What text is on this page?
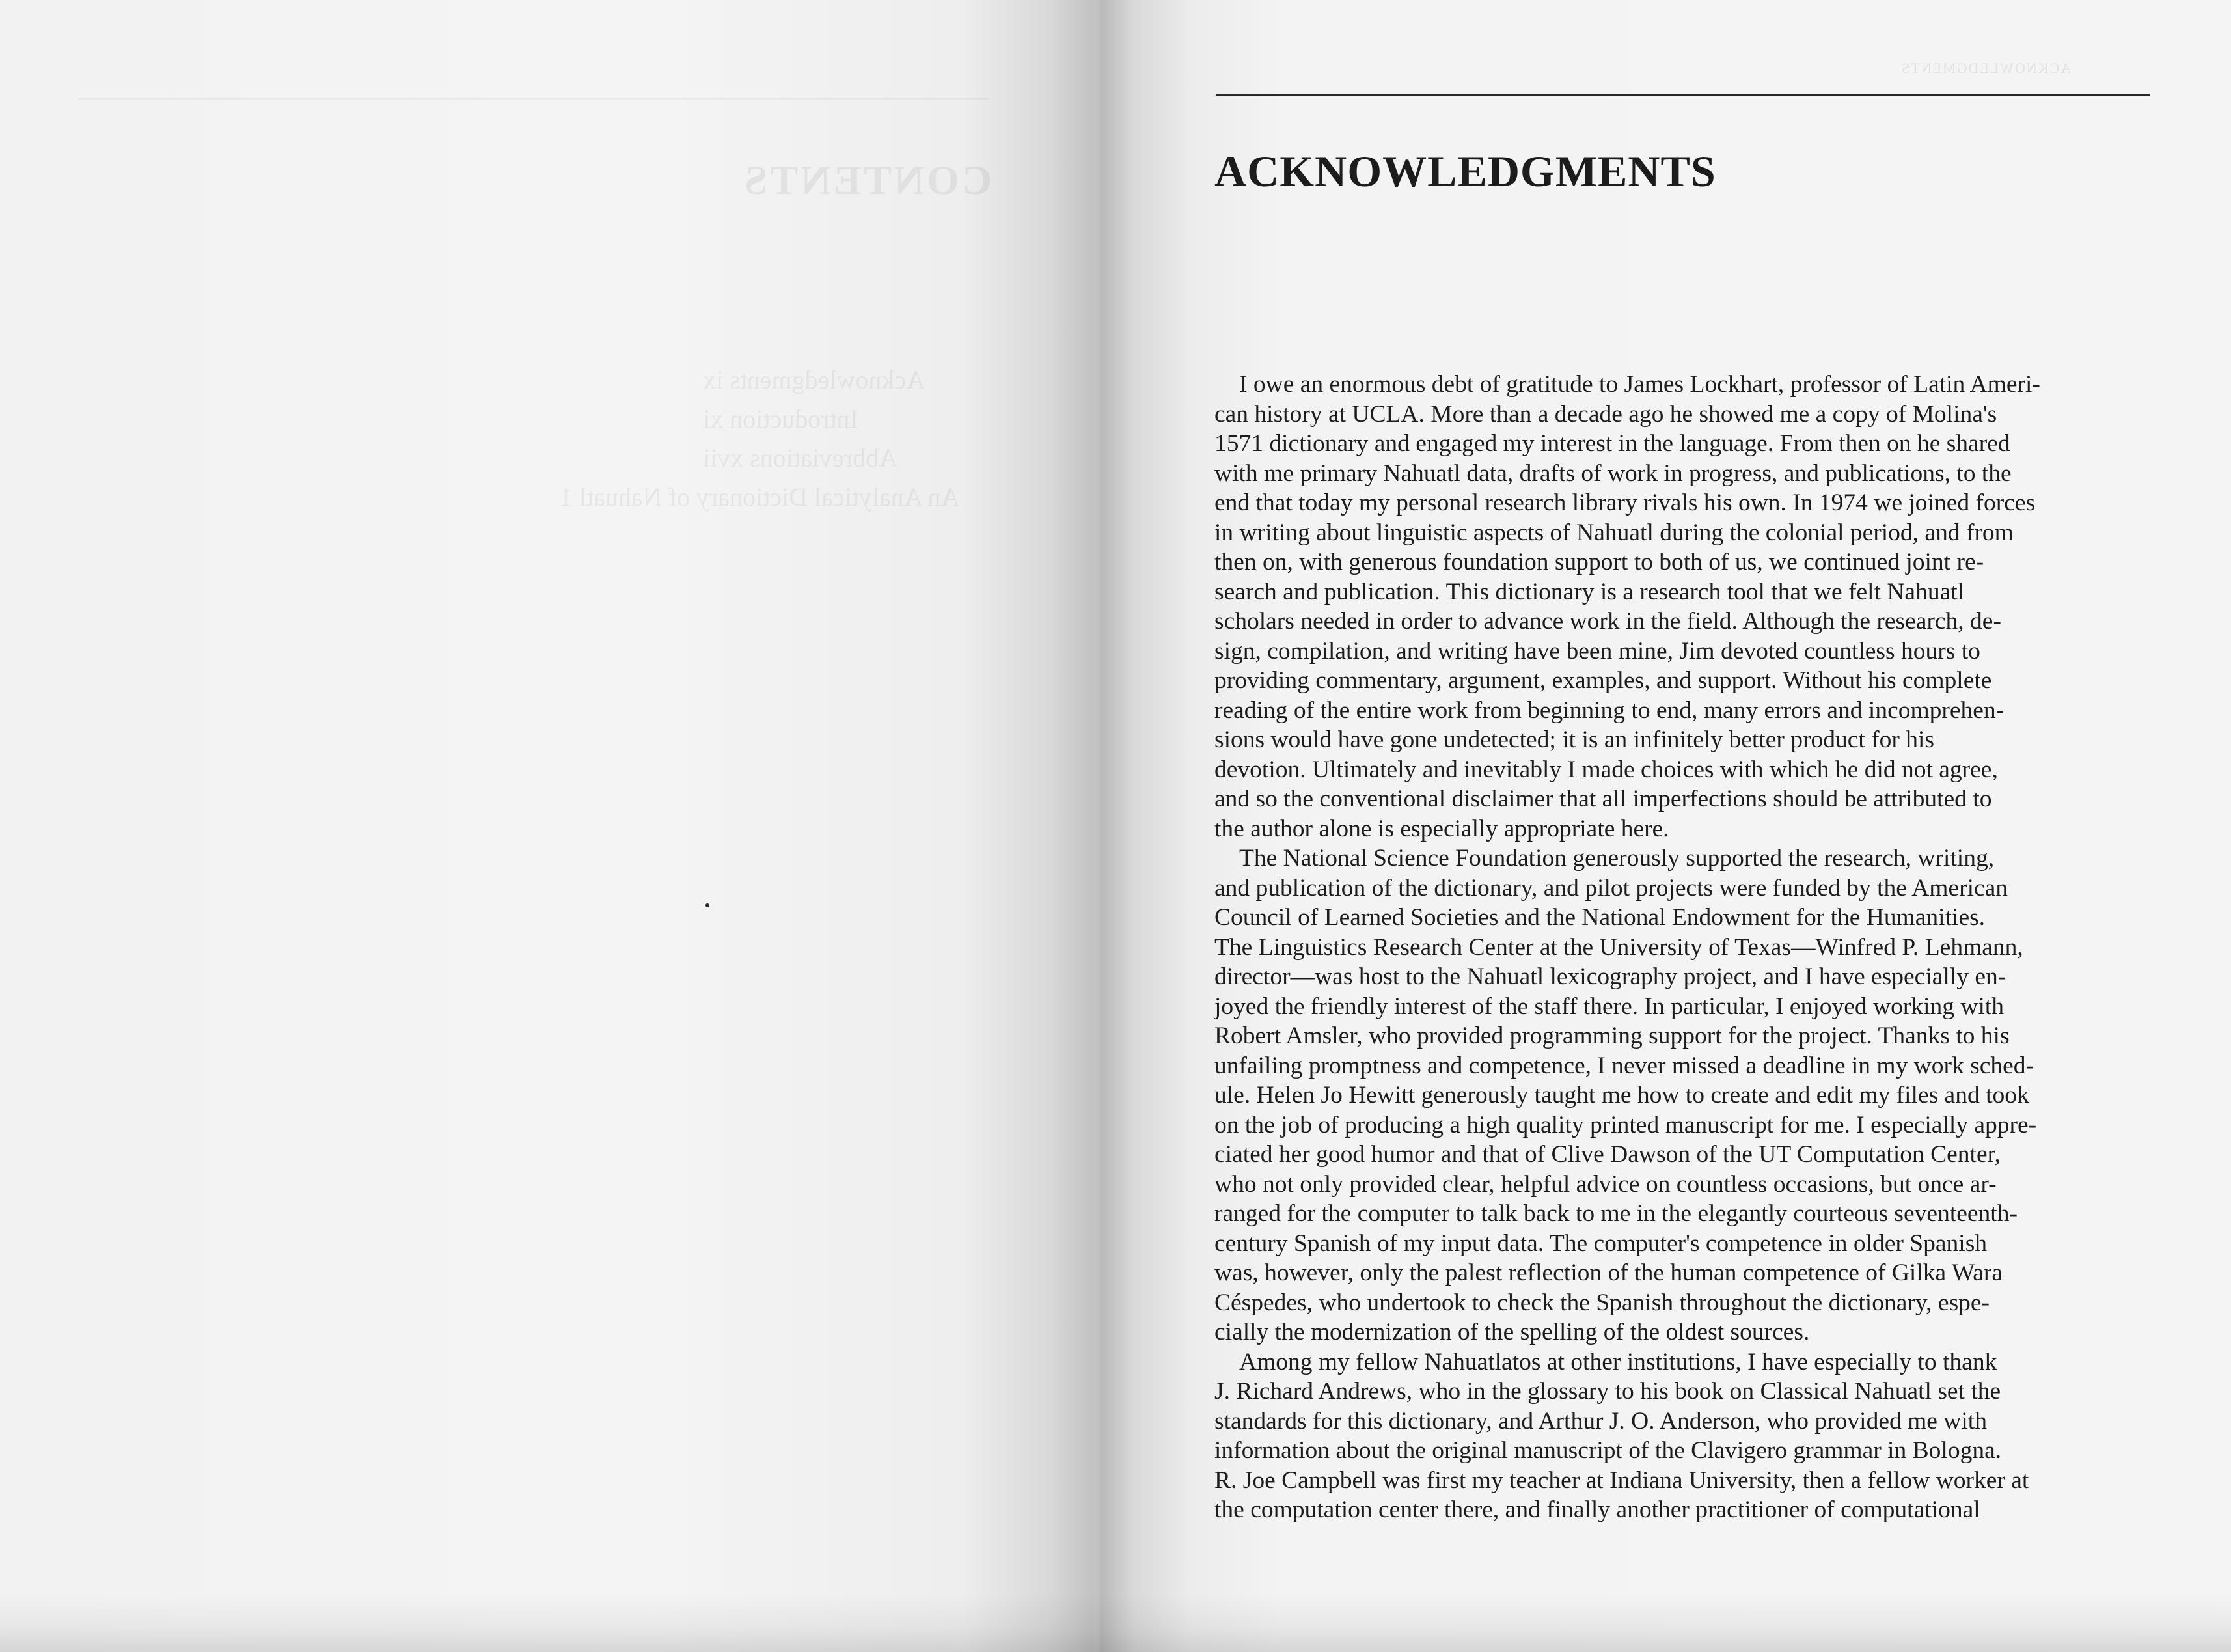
CONTENTS
Acknowledgments ix
Introduction xi
Abbreviations xvii
An Analytical Dictionary of Nahuatl 1
ACKNOWLEDGMENTS
ACKNOWLEDGMENTS
I owe an enormous debt of gratitude to James Lockhart, professor of Latin Ameri-
can history at UCLA. More than a decade ago he showed me a copy of Molina's
1571 dictionary and engaged my interest in the language. From then on he shared
with me primary Nahuatl data, drafts of work in progress, and publications, to the
end that today my personal research library rivals his own. In 1974 we joined forces
in writing about linguistic aspects of Nahuatl during the colonial period, and from
then on, with generous foundation support to both of us, we continued joint re-
search and publication. This dictionary is a research tool that we felt Nahuatl
scholars needed in order to advance work in the field. Although the research, de-
sign, compilation, and writing have been mine, Jim devoted countless hours to
providing commentary, argument, examples, and support. Without his complete
reading of the entire work from beginning to end, many errors and incomprehen-
sions would have gone undetected; it is an infinitely better product for his
devotion. Ultimately and inevitably I made choices with which he did not agree,
and so the conventional disclaimer that all imperfections should be attributed to
the author alone is especially appropriate here.
The National Science Foundation generously supported the research, writing,
and publication of the dictionary, and pilot projects were funded by the American
Council of Learned Societies and the National Endowment for the Humanities.
The Linguistics Research Center at the University of Texas—Winfred P. Lehmann,
director—was host to the Nahuatl lexicography project, and I have especially en-
joyed the friendly interest of the staff there. In particular, I enjoyed working with
Robert Amsler, who provided programming support for the project. Thanks to his
unfailing promptness and competence, I never missed a deadline in my work sched-
ule. Helen Jo Hewitt generously taught me how to create and edit my files and took
on the job of producing a high quality printed manuscript for me. I especially appre-
ciated her good humor and that of Clive Dawson of the UT Computation Center,
who not only provided clear, helpful advice on countless occasions, but once ar-
ranged for the computer to talk back to me in the elegantly courteous seventeenth-
century Spanish of my input data. The computer's competence in older Spanish
was, however, only the palest reflection of the human competence of Gilka Wara
Céspedes, who undertook to check the Spanish throughout the dictionary, espe-
cially the modernization of the spelling of the oldest sources.
Among my fellow Nahuatlatos at other institutions, I have especially to thank
J. Richard Andrews, who in the glossary to his book on Classical Nahuatl set the
standards for this dictionary, and Arthur J. O. Anderson, who provided me with
information about the original manuscript of the Clavigero grammar in Bologna.
R. Joe Campbell was first my teacher at Indiana University, then a fellow worker at
the computation center there, and finally another practitioner of computational
